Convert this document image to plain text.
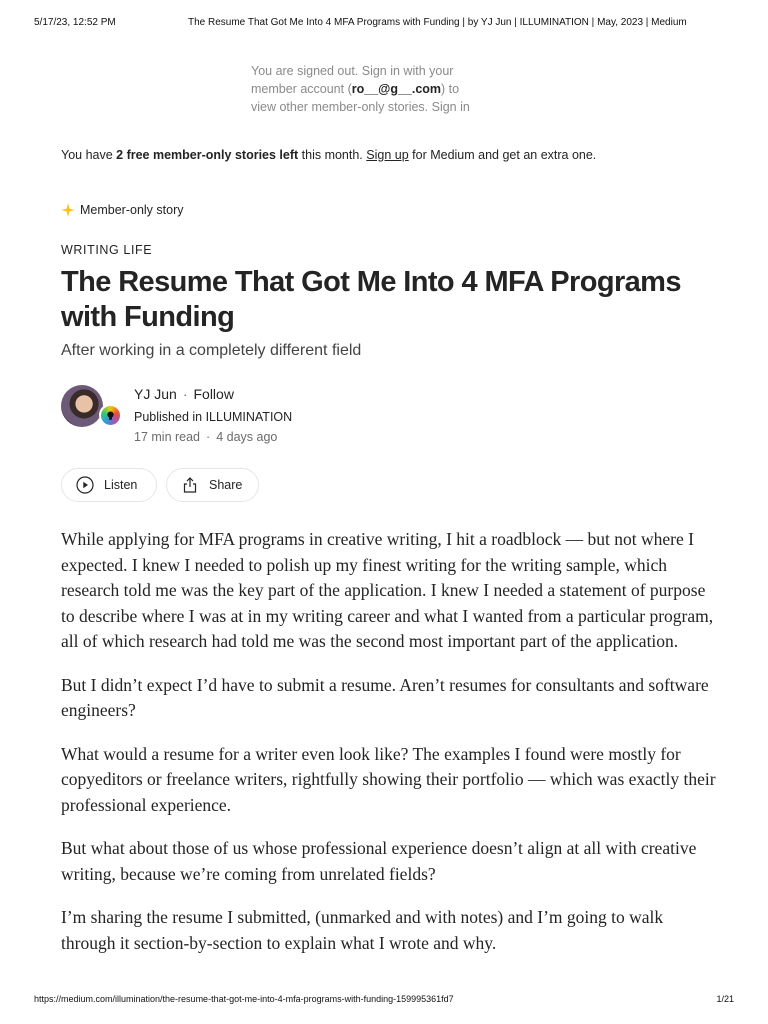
5/17/23, 12:52 PM	The Resume That Got Me Into 4 MFA Programs with Funding | by YJ Jun | ILLUMINATION | May, 2023 | Medium
You are signed out. Sign in with your member account (ro__@g__.com) to view other member-only stories. Sign in
You have 2 free member-only stories left this month. Sign up for Medium and get an extra one.
Member-only story
WRITING LIFE
The Resume That Got Me Into 4 MFA Programs with Funding
After working in a completely different field
YJ Jun · Follow
Published in ILLUMINATION
17 min read · 4 days ago
Listen	Share

While applying for MFA programs in creative writing, I hit a roadblock — but not where I expected. I knew I needed to polish up my finest writing for the writing sample, which research told me was the key part of the application. I knew I needed a statement of purpose to describe where I was at in my writing career and what I wanted from a particular program, all of which research had told me was the second most important part of the application.

But I didn’t expect I’d have to submit a resume. Aren’t resumes for consultants and software engineers?

What would a resume for a writer even look like? The examples I found were mostly for copyeditors or freelance writers, rightfully showing their portfolio — which was exactly their professional experience.

But what about those of us whose professional experience doesn’t align at all with creative writing, because we’re coming from unrelated fields?

I’m sharing the resume I submitted, (unmarked and with notes) and I’m going to walk through it section-by-section to explain what I wrote and why.

https://medium.com/illumination/the-resume-that-got-me-into-4-mfa-programs-with-funding-159995361fd7	1/21
